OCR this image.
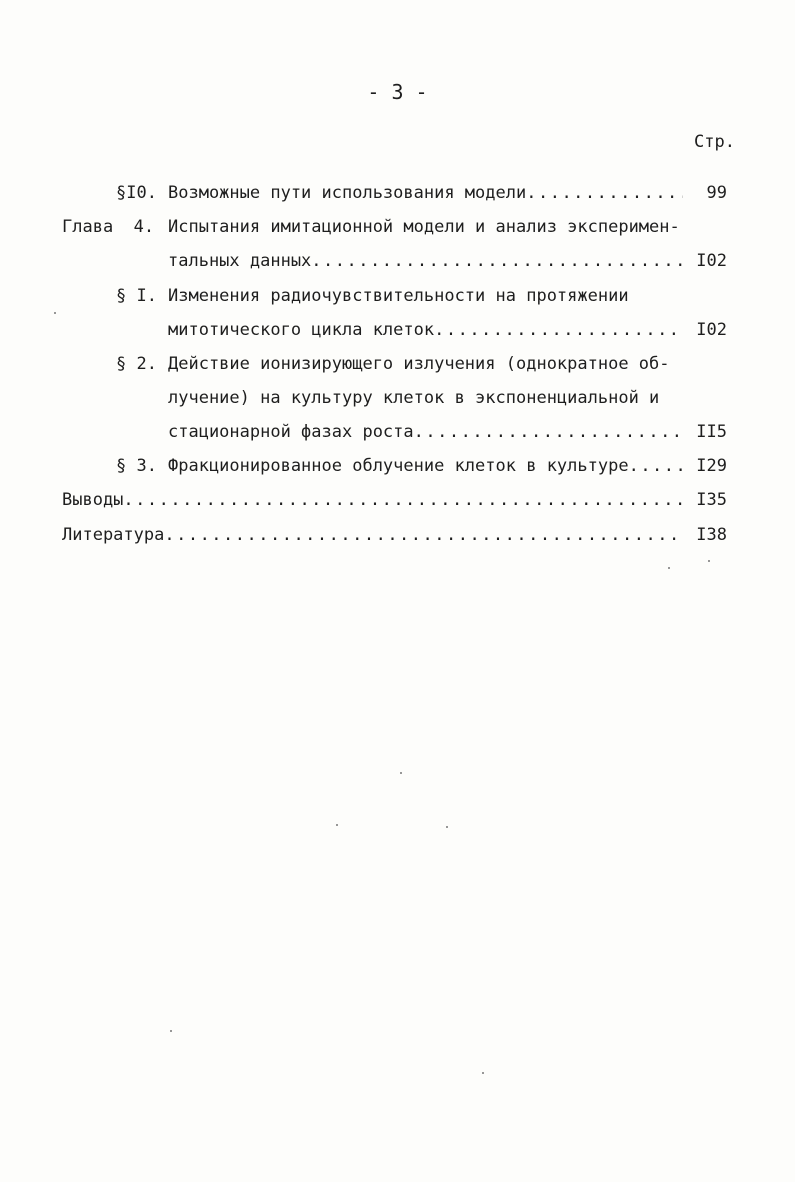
- 3 -
Стр.
§I0. Возможные пути использования модели .....	99
Глава  4. Испытания имитационной модели и анализ эксперимен-
тальных данных .....	I02
§ I. Изменения радиочувствительности на протяжении
митотического цикла клеток .....	I02
§ 2. Действие ионизирующего излучения (однократное об-
лучение) на культуру клеток в экспоненциальной и
стационарной фазах роста .....	II5
§ 3. Фракционированное облучение клеток в культуре .....	I29
Выводы .....	I35
Литература .....	I38
